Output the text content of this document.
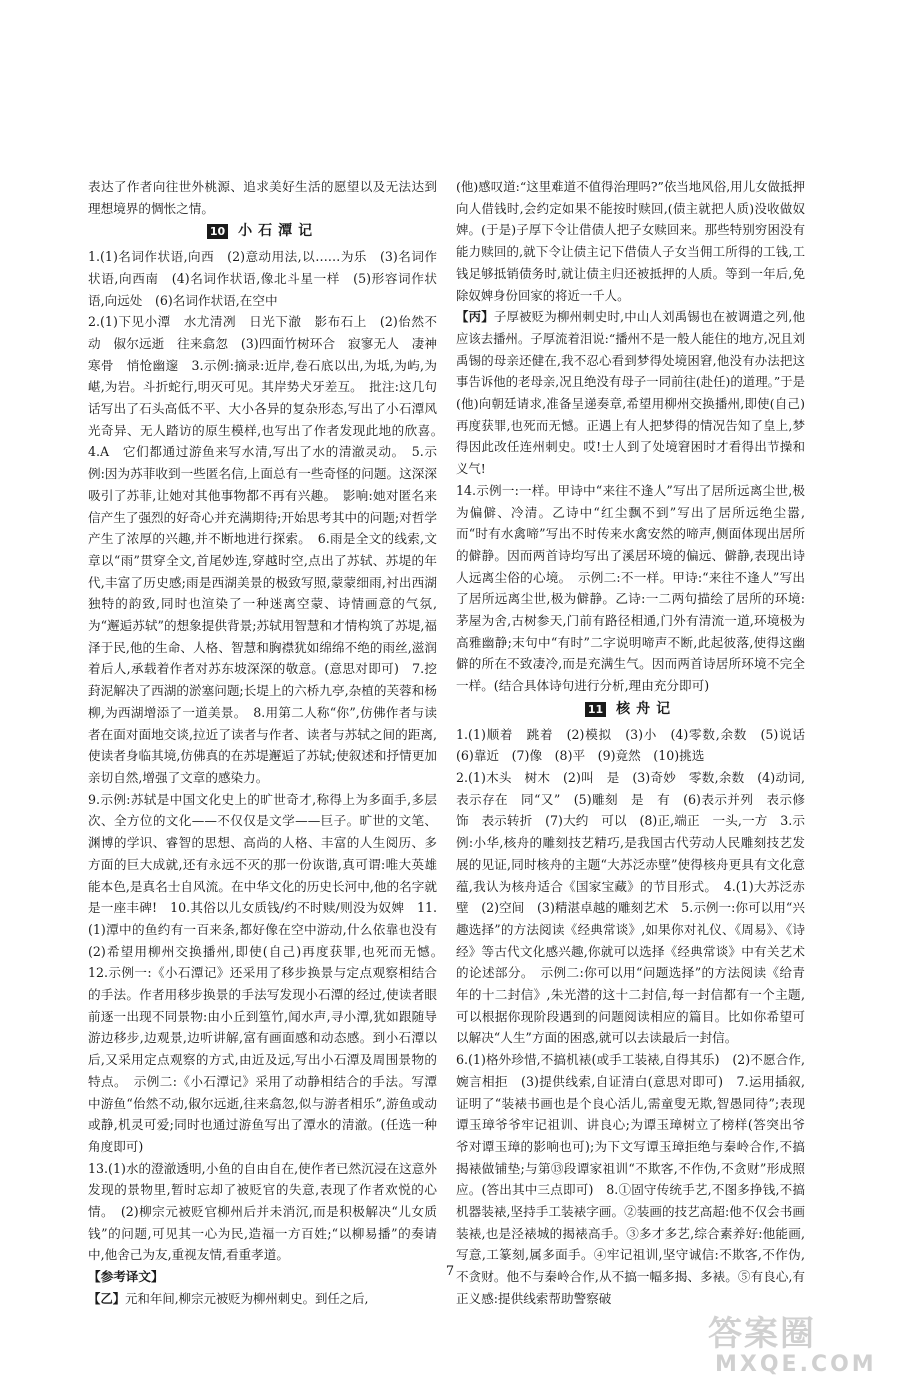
表达了作者向往世外桃源、追求美好生活的愿望以及无法达到理想境界的惆怅之情。

10 小石潭记

1.(1)名词作状语,向西　(2)意动用法,以……为乐　(3)名词作状语,向西南　(4)名词作状语,像北斗星一样　(5)形容词作状语,向远处　(6)名词作状语,在空中

2.(1)下见小潭　水尤清冽　日光下澈　影布石上　(2)佁然不动　俶尔远逝　往来翕忽　(3)四面竹树环合　寂寥无人　凄神寒骨　悄怆幽邃　3.示例:摘录:近岸,卷石底以出,为坻,为屿,为嵁,为岩。斗折蛇行,明灭可见。其岸势犬牙差互。　批注:这几句话写出了石头高低不平、大小各异的复杂形态,写出了小石潭风光奇异、无人踏访的原生模样,也写出了作者发现此地的欣喜。　4.A　它们都通过游鱼来写水清,写出了水的清澈灵动。　5.示例:因为苏菲收到一些匿名信,上面总有一些奇怪的问题。这深深吸引了苏菲,让她对其他事物都不再有兴趣。　影响:她对匿名来信产生了强烈的好奇心并充满期待;开始思考其中的问题;对哲学产生了浓厚的兴趣,并不断地进行探索。　6.雨是全文的线索,文章以“雨”贯穿全文,首尾妙连,穿越时空,点出了苏轼、苏堤的年代,丰富了历史感;雨是西湖美景的极致写照,蒙蒙细雨,衬出西湖独特的韵致,同时也渲染了一种迷离空蒙、诗情画意的气氛,为“邂逅苏轼”的想象提供背景;苏轼用智慧和才情构筑了苏堤,福泽于民,他的生命、人格、智慧和胸襟犹如绵绵不绝的雨丝,滋润着后人,承载着作者对苏东坡深深的敬意。(意思对即可)　7.挖葑泥解决了西湖的淤塞问题;长堤上的六桥九亭,杂植的芙蓉和杨柳,为西湖增添了一道美景。　8.用第二人称“你”,仿佛作者与读者在面对面地交谈,拉近了读者与作者、读者与苏轼之间的距离,使读者身临其境,仿佛真的在苏堤邂逅了苏轼;使叙述和抒情更加亲切自然,增强了文章的感染力。

9.示例:苏轼是中国文化史上的旷世奇才,称得上为多面手,多层次、全方位的文化——不仅仅是文学——巨子。旷世的文笔、渊博的学识、睿智的思想、高尚的人格、丰富的人生阅历、多方面的巨大成就,还有永远不灭的那一份诙谐,真可谓:唯大英雄能本色,是真名士自风流。在中华文化的历史长河中,他的名字就是一座丰碑!　10.其俗以儿女质钱/约不时赎/则没为奴婢　11.(1)潭中的鱼约有一百来条,都好像在空中游动,什么依靠也没有　(2)希望用柳州交换播州,即使(自己)再度获罪,也死而无憾。　12.示例一:《小石潭记》还采用了移步换景与定点观察相结合的手法。作者用移步换景的手法写发现小石潭的经过,使读者眼前逐一出现不同景物:由小丘到篁竹,闻水声,寻小潭,犹如跟随导游边移步,边观景,边听讲解,富有画面感和动态感。到小石潭以后,又采用定点观察的方式,由近及远,写出小石潭及周围景物的特点。　示例二:《小石潭记》采用了动静相结合的手法。写潭中游鱼“佁然不动,俶尔远逝,往来翕忽,似与游者相乐”,游鱼或动或静,机灵可爱;同时也通过游鱼写出了潭水的清澈。(任选一种角度即可)

13.(1)水的澄澈透明,小鱼的自由自在,使作者已然沉浸在这意外发现的景物里,暂时忘却了被贬官的失意,表现了作者欢悦的心情。　(2)柳宗元被贬官柳州后并未消沉,而是积极解决“儿女质钱”的问题,可见其一心为民,造福一方百姓;“以柳易播”的奏请中,他舍己为友,重视友情,看重孝道。

【参考译文】

【乙】元和年间,柳宗元被贬为柳州刺史。到任之后,

(他)感叹道:“这里难道不值得治理吗?”依当地风俗,用儿女做抵押向人借钱时,会约定如果不能按时赎回,(债主就把人质)没收做奴婢。(于是)子厚下令让借债人把子女赎回来。那些特别穷困没有能力赎回的,就下令让债主记下借债人子女当佣工所得的工钱,工钱足够抵销债务时,就让债主归还被抵押的人质。等到一年后,免除奴婢身份回家的将近一千人。

【丙】子厚被贬为柳州刺史时,中山人刘禹锡也在被调遣之列,他应该去播州。子厚流着泪说:“播州不是一般人能住的地方,况且刘禹锡的母亲还健在,我不忍心看到梦得处境困窘,他没有办法把这事告诉他的老母亲,况且绝没有母子一同前往(赴任)的道理。”于是(他)向朝廷请求,准备呈递奏章,希望用柳州交换播州,即使(自己)再度获罪,也死而无憾。正遇上有人把梦得的情况告知了皇上,梦得因此改任连州刺史。哎!士人到了处境窘困时才看得出节操和义气!

14.示例一:一样。甲诗中“来往不逢人”写出了居所远离尘世,极为偏僻、冷清。乙诗中“红尘飘不到”写出了居所远绝尘嚣,而“时有水禽啼”写出不时传来水禽安然的啼声,侧面体现出居所的僻静。因而两首诗均写出了溪居环境的偏远、僻静,表现出诗人远离尘俗的心境。　示例二:不一样。甲诗:“来往不逢人”写出了居所远离尘世,极为僻静。乙诗:一二两句描绘了居所的环境:茅屋为舍,古树参天,门前有路径相通,门外有清流一道,环境极为高雅幽静;末句中“有时”二字说明啼声不断,此起彼落,使得这幽僻的所在不致凄冷,而是充满生气。因而两首诗居所环境不完全一样。(结合具体诗句进行分析,理由充分即可)

11 核舟记

1.(1)顺着　跳着　(2)模拟　(3)小　(4)零数,余数　(5)说话　(6)靠近　(7)像　(8)平　(9)竟然　(10)挑选

2.(1)木头　树木　(2)叫　是　(3)奇妙　零数,余数　(4)动词,表示存在　同“又”　(5)雕刻　是　有　(6)表示并列　表示修饰　表示转折　(7)大约　可以　(8)正,端正　一头,一方　3.示例:小华,核舟的雕刻技艺精巧,是我国古代劳动人民雕刻技艺发展的见证,同时核舟的主题“大苏泛赤壁”使得核舟更具有文化意蕴,我认为核舟适合《国家宝藏》的节目形式。　4.(1)大苏泛赤壁　(2)空间　(3)精湛卓越的雕刻艺术　5.示例一:你可以用“兴趣选择”的方法阅读《经典常谈》,如果你对礼仪、《周易》、《诗经》等古代文化感兴趣,你就可以选择《经典常谈》中有关艺术的论述部分。　示例二:你可以用“问题选择”的方法阅读《给青年的十二封信》,朱光潜的这十二封信,每一封信都有一个主题,可以根据你现阶段遇到的问题阅读相应的篇目。比如你希望可以解决“人生”方面的困惑,就可以去读最后一封信。

6.(1)格外珍惜,不搞机裱(或手工装裱,自得其乐)　(2)不愿合作,婉言相拒　(3)提供线索,自证清白(意思对即可)　7.运用插叙,证明了“装裱书画也是个良心活儿,需童叟无欺,智愚同待”;表现谭玉璋爷爷牢记祖训、讲良心;为谭玉璋树立了榜样(答突出爷爷对谭玉璋的影响也可);为下文写谭玉璋拒绝与秦岭合作,不搞揭裱做铺垫;与第⑬段谭家祖训“不欺客,不作伪,不贪财”形成照应。(答出其中三点即可)　8.①固守传统手艺,不图多挣钱,不搞机器装裱,坚持手工装裱字画。②装画的技艺高超:他不仅会书画装裱,也是泾裱城的揭裱高手。③多才多艺,综合素养好:他能画,写意,工篆刻,属多面手。④牢记祖训,坚守诚信:不欺客,不作伪,不贪财。他不与秦岭合作,从不搞一幅多揭、多裱。⑤有良心,有正义感:提供线索帮助警察破

7
答案圈
MXQE.COM
